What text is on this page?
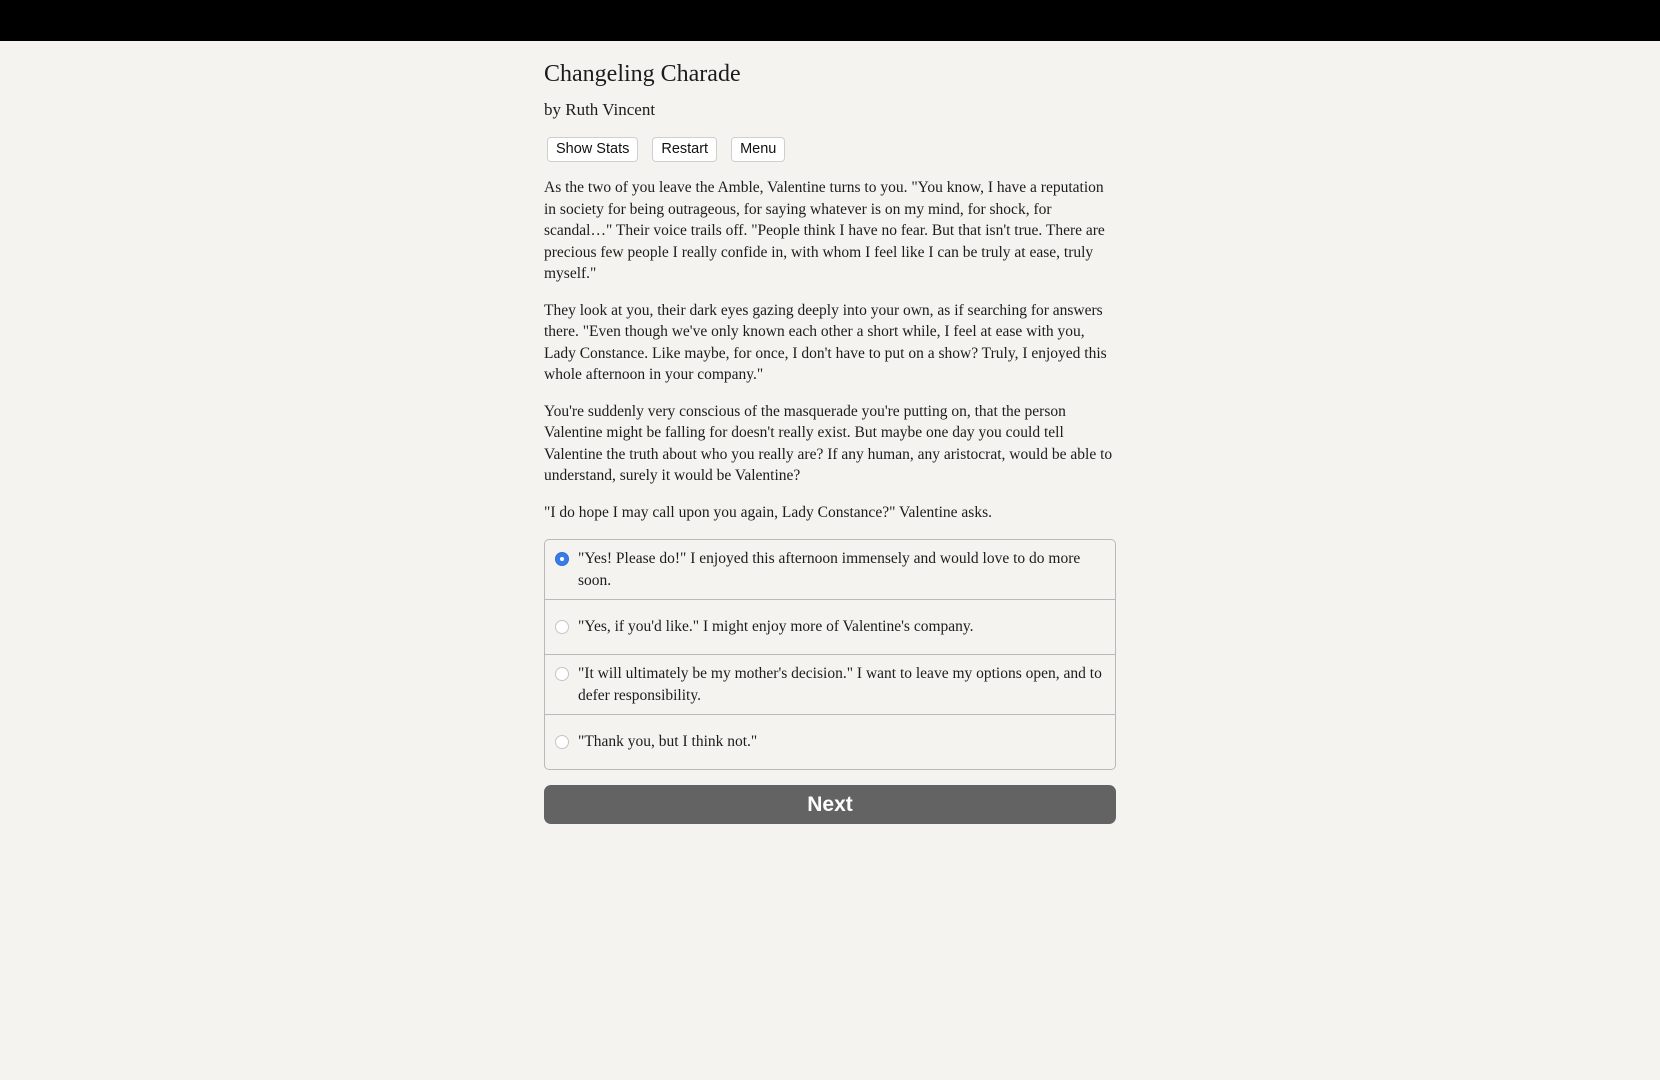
Changeling Charade
by Ruth Vincent
Show Stats	Restart	Menu

As the two of you leave the Amble, Valentine turns to you. "You know, I have a reputation in society for being outrageous, for saying whatever is on my mind, for shock, for scandal…" Their voice trails off. "People think I have no fear. But that isn't true. There are precious few people I really confide in, with whom I feel like I can be truly at ease, truly myself."

They look at you, their dark eyes gazing deeply into your own, as if searching for answers there. "Even though we've only known each other a short while, I feel at ease with you, Lady Constance. Like maybe, for once, I don't have to put on a show? Truly, I enjoyed this whole afternoon in your company."

You're suddenly very conscious of the masquerade you're putting on, that the person Valentine might be falling for doesn't really exist. But maybe one day you could tell Valentine the truth about who you really are? If any human, any aristocrat, would be able to understand, surely it would be Valentine?

"I do hope I may call upon you again, Lady Constance?" Valentine asks.

"Yes! Please do!" I enjoyed this afternoon immensely and would love to do more soon.
"Yes, if you'd like." I might enjoy more of Valentine's company.
"It will ultimately be my mother's decision." I want to leave my options open, and to defer responsibility.
"Thank you, but I think not."
Next
